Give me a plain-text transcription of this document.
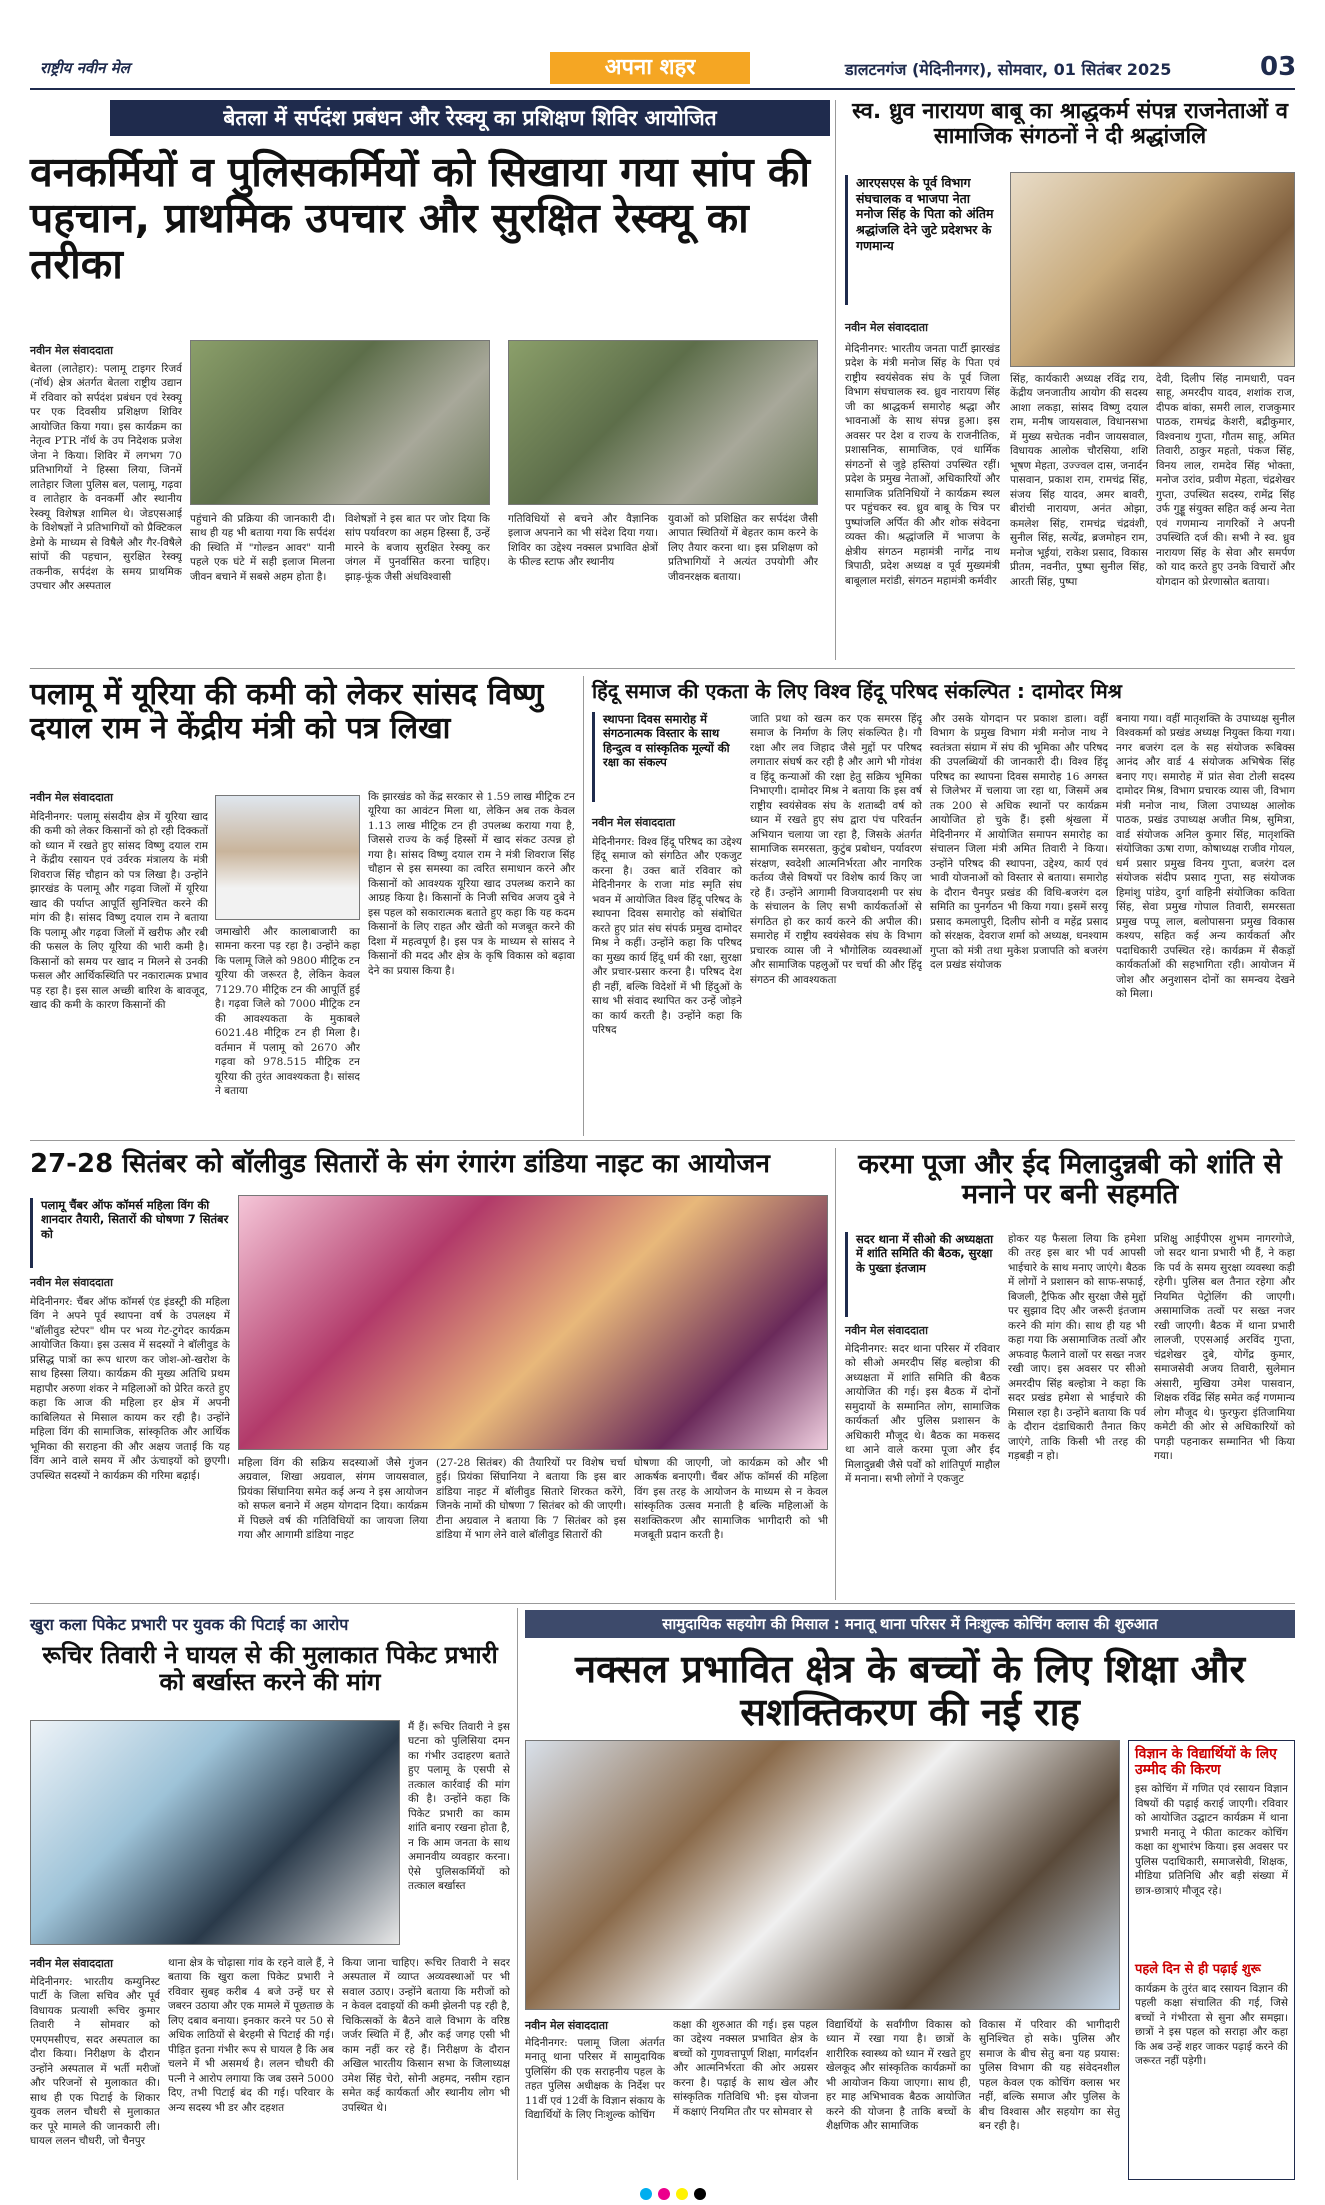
राष्ट्रीय नवीन मेल	अपना शहर	डालटनगंज (मेदिनीनगर), सोमवार, 01 सितंबर 2025	03
बेतला में सर्पदंश प्रबंधन और रेस्क्यू का प्रशिक्षण शिविर आयोजित
वनकर्मियों व पुलिसकर्मियों को सिखाया गया सांप की पहचान, प्राथमिक उपचार और सुरक्षित रेस्क्यू का तरीका
नवीन मेल संवाददाता
बेतला (लातेहार): पलामू टाइगर रिजर्व (नॉर्थ) क्षेत्र अंतर्गत बेतला राष्ट्रीय उद्यान में रविवार को सर्पदंश प्रबंधन एवं रेस्क्यू पर एक दिवसीय प्रशिक्षण शिविर आयोजित किया गया। इस कार्यक्रम का नेतृत्व PTR नॉर्थ के उप निदेशक प्रजेश जेना ने किया। शिविर में लगभग 70 प्रतिभागियों ने हिस्सा लिया, जिनमें लातेहार जिला पुलिस बल, पलामू, गढ़वा व लातेहार के वनकर्मी और स्थानीय रेस्क्यू विशेषज्ञ शामिल थे। जेडएसआई के विशेषज्ञों ने प्रतिभागियों को प्रैक्टिकल डेमो के माध्यम से विषैले और गैर-विषैले सांपों की पहचान, सुरक्षित रेस्क्यू तकनीक, सर्पदंश के समय प्राथमिक उपचार और अस्पताल
पहुंचाने की प्रक्रिया की जानकारी दी। साथ ही यह भी बताया गया कि सर्पदंश की स्थिति में "गोल्डन आवर" यानी पहले एक घंटे में सही इलाज मिलना जीवन बचाने में सबसे अहम होता है।
विशेषज्ञों ने इस बात पर जोर दिया कि सांप पर्यावरण का अहम हिस्सा हैं, उन्हें मारने के बजाय सुरक्षित रेस्क्यू कर जंगल में पुनर्वासित करना चाहिए। झाड़-फूंक जैसी अंधविश्वासी
गतिविधियों से बचने और वैज्ञानिक इलाज अपनाने का भी संदेश दिया गया। शिविर का उद्देश्य नक्सल प्रभावित क्षेत्रों के फील्ड स्टाफ और स्थानीय
युवाओं को प्रशिक्षित कर सर्पदंश जैसी आपात स्थितियों में बेहतर काम करने के लिए तैयार करना था। इस प्रशिक्षण को प्रतिभागियों ने अत्यंत उपयोगी और जीवनरक्षक बताया।
स्व. ध्रुव नारायण बाबू का श्राद्धकर्म संपन्न राजनेताओं व सामाजिक संगठनों ने दी श्रद्धांजलि
आरएसएस के पूर्व विभाग संघचालक व भाजपा नेता मनोज सिंह के पिता को अंतिम श्रद्धांजलि देने जुटे प्रदेशभर के गणमान्य
नवीन मेल संवाददाता
मेदिनीनगर: भारतीय जनता पार्टी झारखंड प्रदेश के मंत्री मनोज सिंह के पिता एवं राष्ट्रीय स्वयंसेवक संघ के पूर्व जिला विभाग संघचालक स्व. ध्रुव नारायण सिंह जी का श्राद्धकर्म समारोह श्रद्धा और भावनाओं के साथ संपन्न हुआ। इस अवसर पर देश व राज्य के राजनीतिक, प्रशासनिक, सामाजिक, एवं धार्मिक संगठनों से जुड़े हस्तियां उपस्थित रहीं। प्रदेश के प्रमुख नेताओं, अधिकारियों और सामाजिक प्रतिनिधियों ने कार्यक्रम स्थल पर पहुंचकर स्व. ध्रुव बाबू के चित्र पर पुष्पांजलि अर्पित की और शोक संवेदना व्यक्त की। श्रद्धांजलि में भाजपा के क्षेत्रीय संगठन महामंत्री नागेंद्र नाथ त्रिपाठी, प्रदेश अध्यक्ष व पूर्व मुख्यमंत्री बाबूलाल मरांडी, संगठन महामंत्री कर्मवीर
सिंह, कार्यकारी अध्यक्ष रविंद्र राय, केंद्रीय जनजातीय आयोग की सदस्य आशा लकड़ा, सांसद विष्णु दयाल राम, मनीष जायसवाल, विधानसभा में मुख्य सचेतक नवीन जायसवाल, विधायक आलोक चौरसिया, शशि भूषण मेहता, उज्ज्वल दास, जनार्दन पासवान, प्रकाश राम, रामचंद्र सिंह, संजय सिंह यादव, अमर बावरी, बीरांची नारायण, अनंत ओझा, कमलेश सिंह, रामचंद्र चंद्रवंशी, सुनील सिंह, सत्येंद्र, ब्रजमोहन राम, मनोज भूईयां, राकेश प्रसाद, विकास प्रीतम, नवनीत, पुष्पा सुनील सिंह, आरती सिंह, पुष्पा
देवी, दिलीप सिंह नामधारी, पवन साहू, अमरदीप यादव, शशांक राज, दीपक बांका, समरी लाल, राजकुमार पाठक, रामचंद्र केशरी, बद्रीकुमार, विश्वनाथ गुप्ता, गौतम साहू, अमित तिवारी, ठाकुर महतो, पंकज सिंह, विनय लाल, रामदेव सिंह भोक्ता, मनोज उरांव, प्रवीण मेहता, चंद्रशेखर गुप्ता, उपस्थित सदस्य, रामेंद्र सिंह उर्फ गुड्डू संयुक्त सहित कई अन्य नेता एवं गणमान्य नागरिकों ने अपनी उपस्थिति दर्ज की। सभी ने स्व. ध्रुव नारायण सिंह के सेवा और समर्पण को याद करते हुए उनके विचारों और योगदान को प्रेरणास्रोत बताया।
पलामू में यूरिया की कमी को लेकर सांसद विष्णु दयाल राम ने केंद्रीय मंत्री को पत्र लिखा
नवीन मेल संवाददाता
मेदिनीनगर: पलामू संसदीय क्षेत्र में यूरिया खाद की कमी को लेकर किसानों को हो रही दिक्कतों को ध्यान में रखते हुए सांसद विष्णु दयाल राम ने केंद्रीय रसायन एवं उर्वरक मंत्रालय के मंत्री शिवराज सिंह चौहान को पत्र लिखा है। उन्होंने झारखंड के पलामू और गढ़वा जिलों में यूरिया खाद की पर्याप्त आपूर्ति सुनिश्चित करने की मांग की है। सांसद विष्णु दयाल राम ने बताया कि पलामू और गढ़वा जिलों में खरीफ और रबी की फसल के लिए यूरिया की भारी कमी है। किसानों को समय पर खाद न मिलने से उनकी फसल और आर्थिकस्थिति पर नकारात्मक प्रभाव पड़ रहा है। इस साल अच्छी बारिश के बावजूद, खाद की कमी के कारण किसानों की
जमाखोरी और कालाबाजारी का सामना करना पड़ रहा है। उन्होंने कहा कि पलामू जिले को 9800 मीट्रिक टन यूरिया की जरूरत है, लेकिन केवल 7129.70 मीट्रिक टन की आपूर्ति हुई है। गढ़वा जिले को 7000 मीट्रिक टन की आवश्यकता के मुकाबले 6021.48 मीट्रिक टन ही मिला है। वर्तमान में पलामू को 2670 और गढ़वा को 978.515 मीट्रिक टन यूरिया की तुरंत आवश्यकता है। सांसद ने बताया
कि झारखंड को केंद्र सरकार से 1.59 लाख मीट्रिक टन यूरिया का आवंटन मिला था, लेकिन अब तक केवल 1.13 लाख मीट्रिक टन ही उपलब्ध कराया गया है, जिससे राज्य के कई हिस्सों में खाद संकट उत्पन्न हो गया है। सांसद विष्णु दयाल राम ने मंत्री शिवराज सिंह चौहान से इस समस्या का त्वरित समाधान करने और किसानों को आवश्यक यूरिया खाद उपलब्ध कराने का आग्रह किया है। किसानों के निजी सचिव अजय दुबे ने इस पहल को सकारात्मक बताते हुए कहा कि यह कदम किसानों के लिए राहत और खेती को मजबूत करने की दिशा में महत्वपूर्ण है। इस पत्र के माध्यम से सांसद ने किसानों की मदद और क्षेत्र के कृषि विकास को बढ़ावा देने का प्रयास किया है।
हिंदू समाज की एकता के लिए विश्व हिंदू परिषद संकल्पित : दामोदर मिश्र
स्थापना दिवस समारोह में संगठनात्मक विस्तार के साथ हिन्दुत्व व सांस्कृतिक मूल्यों की रक्षा का संकल्प
नवीन मेल संवाददाता
मेदिनीनगर: विश्व हिंदू परिषद का उद्देश्य हिंदू समाज को संगठित और एकजुट करना है। उक्त बातें रविवार को मेदिनीनगर के राजा मांड स्मृति संघ भवन में आयोजित विश्व हिंदू परिषद के स्थापना दिवस समारोह को संबोधित करते हुए प्रांत संघ संपर्क प्रमुख दामोदर मिश्र ने कहीं। उन्होंने कहा कि परिषद का मुख्य कार्य हिंदू धर्म की रक्षा, सुरक्षा और प्रचार-प्रसार करना है। परिषद देश ही नहीं, बल्कि विदेशों में भी हिंदुओं के साथ भी संवाद स्थापित कर उन्हें जोड़ने का कार्य करती है। उन्होंने कहा कि परिषद
जाति प्रथा को खत्म कर एक समरस हिंदू समाज के निर्माण के लिए संकल्पित है। गौ रक्षा और लव जिहाद जैसे मुद्दों पर परिषद लगातार संघर्ष कर रही है और आगे भी गोवंश व हिंदू कन्याओं की रक्षा हेतु सक्रिय भूमिका निभाएगी। दामोदर मिश्र ने बताया कि इस वर्ष राष्ट्रीय स्वयंसेवक संघ के शताब्दी वर्ष को ध्यान में रखते हुए संघ द्वारा पंच परिवर्तन अभियान चलाया जा रहा है, जिसके अंतर्गत सामाजिक समरसता, कुटुंब प्रबोधन, पर्यावरण संरक्षण, स्वदेशी आत्मनिर्भरता और नागरिक कर्तव्य जैसे विषयों पर विशेष कार्य किए जा रहे हैं। उन्होंने आगामी विजयादशमी पर संघ के संचालन के लिए सभी कार्यकर्ताओं से संगठित हो कर कार्य करने की अपील की। समारोह में राष्ट्रीय स्वयंसेवक संघ के विभाग प्रचारक व्यास जी ने भौगोलिक व्यवस्थाओं और सामाजिक पहलुओं पर चर्चा की और हिंदू संगठन की आवश्यकता
और उसके योगदान पर प्रकाश डाला। वहीं विभाग के प्रमुख विभाग मंत्री मनोज नाथ ने स्वतंत्रता संग्राम में संघ की भूमिका और परिषद की उपलब्धियों की जानकारी दी। विश्व हिंदू परिषद का स्थापना दिवस समारोह 16 अगस्त से जिलेभर में चलाया जा रहा था, जिसमें अब तक 200 से अधिक स्थानों पर कार्यक्रम आयोजित हो चुके हैं। इसी श्रृंखला में मेदिनीनगर में आयोजित समापन समारोह का संचालन जिला मंत्री अमित तिवारी ने किया। उन्होंने परिषद की स्थापना, उद्देश्य, कार्य एवं भावी योजनाओं को विस्तार से बताया। समारोह के दौरान चैनपुर प्रखंड की विधि-बजरंग दल समिति का पुनर्गठन भी किया गया। इसमें सरयू प्रसाद कमलापुरी, दिलीप सोनी व महेंद्र प्रसाद को संरक्षक, देवराज शर्मा को अध्यक्ष, धनश्याम गुप्ता को मंत्री तथा मुकेश प्रजापति को बजरंग दल प्रखंड संयोजक
बनाया गया। वहीं मातृशक्ति के उपाध्यक्ष सुनील विश्वकर्मा को प्रखंड अध्यक्ष नियुक्त किया गया। नगर बजरंग दल के सह संयोजक रूबिक्स आनंद और वार्ड 4 संयोजक अभिषेक सिंह बनाए गए। समारोह में प्रांत सेवा टोली सदस्य दामोदर मिश्र, विभाग प्रचारक व्यास जी, विभाग मंत्री मनोज नाथ, जिला उपाध्यक्ष आलोक पाठक, प्रखंड उपाध्यक्ष अजीत मिश्र, सुमित्रा, वार्ड संयोजक अनिल कुमार सिंह, मातृशक्ति संयोजिका ऊषा राणा, कोषाध्यक्ष राजीव गोयल, धर्म प्रसार प्रमुख विनय गुप्ता, बजरंग दल संयोजक संदीप प्रसाद गुप्ता, सह संयोजक हिमांशु पांडेय, दुर्गा वाहिनी संयोजिका कविता सिंह, सेवा प्रमुख गोपाल तिवारी, समरसता प्रमुख पप्पू लाल, बलोपासना प्रमुख विकास कश्यप, सहित कई अन्य कार्यकर्ता और पदाधिकारी उपस्थित रहे। कार्यक्रम में सैकड़ों कार्यकर्ताओं की सहभागिता रही। आयोजन में जोश और अनुशासन दोनों का समन्वय देखने को मिला।
27-28 सितंबर को बॉलीवुड सितारों के संग रंगारंग डांडिया नाइट का आयोजन
पलामू चैंबर ऑफ कॉमर्स महिला विंग की शानदार तैयारी, सितारों की घोषणा 7 सितंबर को
नवीन मेल संवाददाता
मेदिनीनगर: चैंबर ऑफ कॉमर्स एंड इंडस्ट्री की महिला विंग ने अपने पूर्व स्थापना वर्ष के उपलक्ष्य में "बॉलीवुड स्टेपर" थीम पर भव्य गेट-टुगेदर कार्यक्रम आयोजित किया। इस उत्सव में सदस्यों ने बॉलीवुड के प्रसिद्ध पात्रों का रूप धारण कर जोश-ओ-खरोश के साथ हिस्सा लिया। कार्यक्रम की मुख्य अतिथि प्रथम महापौर अरुणा शंकर ने महिलाओं को प्रेरित करते हुए कहा कि आज की महिला हर क्षेत्र में अपनी काबिलियत से मिसाल कायम कर रही है। उन्होंने महिला विंग की सामाजिक, सांस्कृतिक और आर्थिक भूमिका की सराहना की और अक्षय जताई कि यह विंग आने वाले समय में और ऊंचाइयों को छुएगी। उपस्थित सदस्यों ने कार्यक्रम की गरिमा बढ़ाई।
महिला विंग की सक्रिय सदस्याओं जैसे गुंजन अग्रवाल, शिखा अग्रवाल, संगम जायसवाल, प्रियंका सिंघानिया समेत कई अन्य ने इस आयोजन को सफल बनाने में अहम योगदान दिया। कार्यक्रम में पिछले वर्ष की गतिविधियों का जायजा लिया गया और आगामी डांडिया नाइट
(27-28 सितंबर) की तैयारियों पर विशेष चर्चा हुई। प्रियंका सिंघानिया ने बताया कि इस बार डांडिया नाइट में बॉलीवुड सितारे शिरकत करेंगे, जिनके नामों की घोषणा 7 सितंबर को की जाएगी। टीना अग्रवाल ने बताया कि 7 सितंबर को इस डांडिया में भाग लेने वाले बॉलीवुड सितारों की
घोषणा की जाएगी, जो कार्यक्रम को और भी आकर्षक बनाएगी। चैंबर ऑफ कॉमर्स की महिला विंग इस तरह के आयोजन के माध्यम से न केवल सांस्कृतिक उत्सव मनाती है बल्कि महिलाओं के सशक्तिकरण और सामाजिक भागीदारी को भी मजबूती प्रदान करती है।
करमा पूजा और ईद मिलादुन्नबी को शांति से मनाने पर बनी सहमति
सदर थाना में सीओ की अध्यक्षता में शांति समिति की बैठक, सुरक्षा के पुख्ता इंतजाम
नवीन मेल संवाददाता
मेदिनीनगर: सदर थाना परिसर में रविवार को सीओ अमरदीप सिंह बल्होत्रा की अध्यक्षता में शांति समिति की बैठक आयोजित की गई। इस बैठक में दोनों समुदायों के सम्मानित लोग, सामाजिक कार्यकर्ता और पुलिस प्रशासन के अधिकारी मौजूद थे। बैठक का मकसद था आने वाले करमा पूजा और ईद मिलादुन्नबी जैसे पर्वों को शांतिपूर्ण माहौल में मनाना। सभी लोगों ने एकजुट
होकर यह फैसला लिया कि हमेशा की तरह इस बार भी पर्व आपसी भाईचारे के साथ मनाए जाएंगे। बैठक में लोगों ने प्रशासन को साफ-सफाई, बिजली, ट्रैफिक और सुरक्षा जैसे मुद्दों पर सुझाव दिए और जरूरी इंतजाम करने की मांग की। साथ ही यह भी कहा गया कि असामाजिक तत्वों और अफवाह फैलाने वालों पर सख्त नजर रखी जाए। इस अवसर पर सीओ अमरदीप सिंह बल्होत्रा ने कहा कि सदर प्रखंड हमेशा से भाईचारे की मिसाल रहा है। उन्होंने बताया कि पर्व के दौरान दंडाधिकारी तैनात किए जाएंगे, ताकि किसी भी तरह की गड़बड़ी न हो।
प्रशिक्षु आईपीएस शुभम नागरगोजे, जो सदर थाना प्रभारी भी हैं, ने कहा कि पर्व के समय सुरक्षा व्यवस्था कड़ी रहेगी। पुलिस बल तैनात रहेगा और नियमित पेट्रोलिंग की जाएगी। असामाजिक तत्वों पर सख्त नजर रखी जाएगी। बैठक में थाना प्रभारी लालजी, एएसआई अरविंद गुप्ता, चंद्रशेखर दुबे, योगेंद्र कुमार, समाजसेवी अजय तिवारी, सुलेमान अंसारी, मुखिया उमेश पासवान, शिक्षक रविंद्र सिंह समेत कई गणमान्य लोग मौजूद थे। फुरफुरा इंतिजामिया कमेटी की ओर से अधिकारियों को पगड़ी पहनाकर सम्मानित भी किया गया।
खुरा कला पिकेट प्रभारी पर युवक की पिटाई का आरोप
रूचिर तिवारी ने घायल से की मुलाकात पिकेट प्रभारी को बर्खास्त करने की मांग
मैं हैं। रूचिर तिवारी ने इस घटना को पुलिसिया दमन का गंभीर उदाहरण बताते हुए पलामू के एसपी से तत्काल कार्रवाई की मांग की है। उन्होंने कहा कि पिकेट प्रभारी का काम शांति बनाए रखना होता है, न कि आम जनता के साथ अमानवीय व्यवहार करना। ऐसे पुलिसकर्मियों को तत्काल बर्खास्त
नवीन मेल संवाददाता
मेदिनीनगर: भारतीय कम्युनिस्ट पार्टी के जिला सचिव और पूर्व विधायक प्रत्याशी रूचिर कुमार तिवारी ने सोमवार को एमएमसीएच, सदर अस्पताल का दौरा किया। निरीक्षण के दौरान उन्होंने अस्पताल में भर्ती मरीजों और परिजनों से मुलाकात की। साथ ही एक पिटाई के शिकार युवक ललन चौधरी से मुलाकात कर पूरे मामले की जानकारी ली। घायल ललन चौधरी, जो चैनपुर
थाना क्षेत्र के चोढ़ासा गांव के रहने वाले हैं, ने बताया कि खुरा कला पिकेट प्रभारी ने रविवार सुबह करीब 4 बजे उन्हें घर से जबरन उठाया और एक मामले में पूछताछ के लिए दबाव बनाया। इनकार करने पर 50 से अधिक लाठियों से बेरहमी से पिटाई की गई। पीड़ित इतना गंभीर रूप से घायल है कि अब चलने में भी असमर्थ है। ललन चौधरी की पत्नी ने आरोप लगाया कि जब उसने 5000 दिए, तभी पिटाई बंद की गई। परिवार के अन्य सदस्य भी डर और दहशत
किया जाना चाहिए। रूचिर तिवारी ने सदर अस्पताल में व्याप्त अव्यवस्थाओं पर भी सवाल उठाए। उन्होंने बताया कि मरीजों को न केवल दवाइयों की कमी झेलनी पड़ रही है, चिकित्सकों के बैठने वाले विभाग के वरिष्ठ जर्जर स्थिति में हैं, और कई जगह एसी भी काम नहीं कर रहे हैं। निरीक्षण के दौरान अखिल भारतीय किसान सभा के जिलाध्यक्ष उमेश सिंह चेरो, सोनी अहमद, नसीम रहान समेत कई कार्यकर्ता और स्थानीय लोग भी उपस्थित थे।
सामुदायिक सहयोग की मिसाल : मनातू थाना परिसर में निःशुल्क कोचिंग क्लास की शुरुआत
नक्सल प्रभावित क्षेत्र के बच्चों के लिए शिक्षा और सशक्तिकरण की नई राह
विज्ञान के विद्यार्थियों के लिए उम्मीद की किरण
इस कोचिंग में गणित एवं रसायन विज्ञान विषयों की पढ़ाई कराई जाएगी। रविवार को आयोजित उद्घाटन कार्यक्रम में थाना प्रभारी मनातू ने फीता काटकर कोचिंग कक्षा का शुभारंभ किया। इस अवसर पर पुलिस पदाधिकारी, समाजसेवी, शिक्षक, मीडिया प्रतिनिधि और बड़ी संख्या में छात्र-छात्राएं मौजूद रहे।
पहले दिन से ही पढ़ाई शुरू
कार्यक्रम के तुरंत बाद रसायन विज्ञान की पहली कक्षा संचालित की गई, जिसे बच्चों ने गंभीरता से सुना और समझा। छात्रों ने इस पहल को सराहा और कहा कि अब उन्हें शहर जाकर पढ़ाई करने की जरूरत नहीं पड़ेगी।
नवीन मेल संवाददाता
मेदिनीनगर: पलामू जिला अंतर्गत मनातू थाना परिसर में सामुदायिक पुलिसिंग की एक सराहनीय पहल के तहत पुलिस अधीक्षक के निर्देश पर 11वीं एवं 12वीं के विज्ञान संकाय के विद्यार्थियों के लिए निःशुल्क कोचिंग
कक्षा की शुरुआत की गई। इस पहल का उद्देश्य नक्सल प्रभावित क्षेत्र के बच्चों को गुणवत्तापूर्ण शिक्षा, मार्गदर्शन और आत्मनिर्भरता की ओर अग्रसर करना है। पढ़ाई के साथ खेल और सांस्कृतिक गतिविधि भी: इस योजना में कक्षाएं नियमित तौर पर सोमवार से
विद्यार्थियों के सर्वांगीण विकास को ध्यान में रखा गया है। छात्रों के शारीरिक स्वास्थ्य को ध्यान में रखते हुए खेलकूद और सांस्कृतिक कार्यक्रमों का भी आयोजन किया जाएगा। साथ ही, हर माह अभिभावक बैठक आयोजित करने की योजना है ताकि बच्चों के शैक्षणिक और सामाजिक
विकास में परिवार की भागीदारी सुनिश्चित हो सके। पुलिस और समाज के बीच सेतु बना यह प्रयास: पुलिस विभाग की यह संवेदनशील पहल केवल एक कोचिंग क्लास भर नहीं, बल्कि समाज और पुलिस के बीच विश्वास और सहयोग का सेतु बन रही है।
